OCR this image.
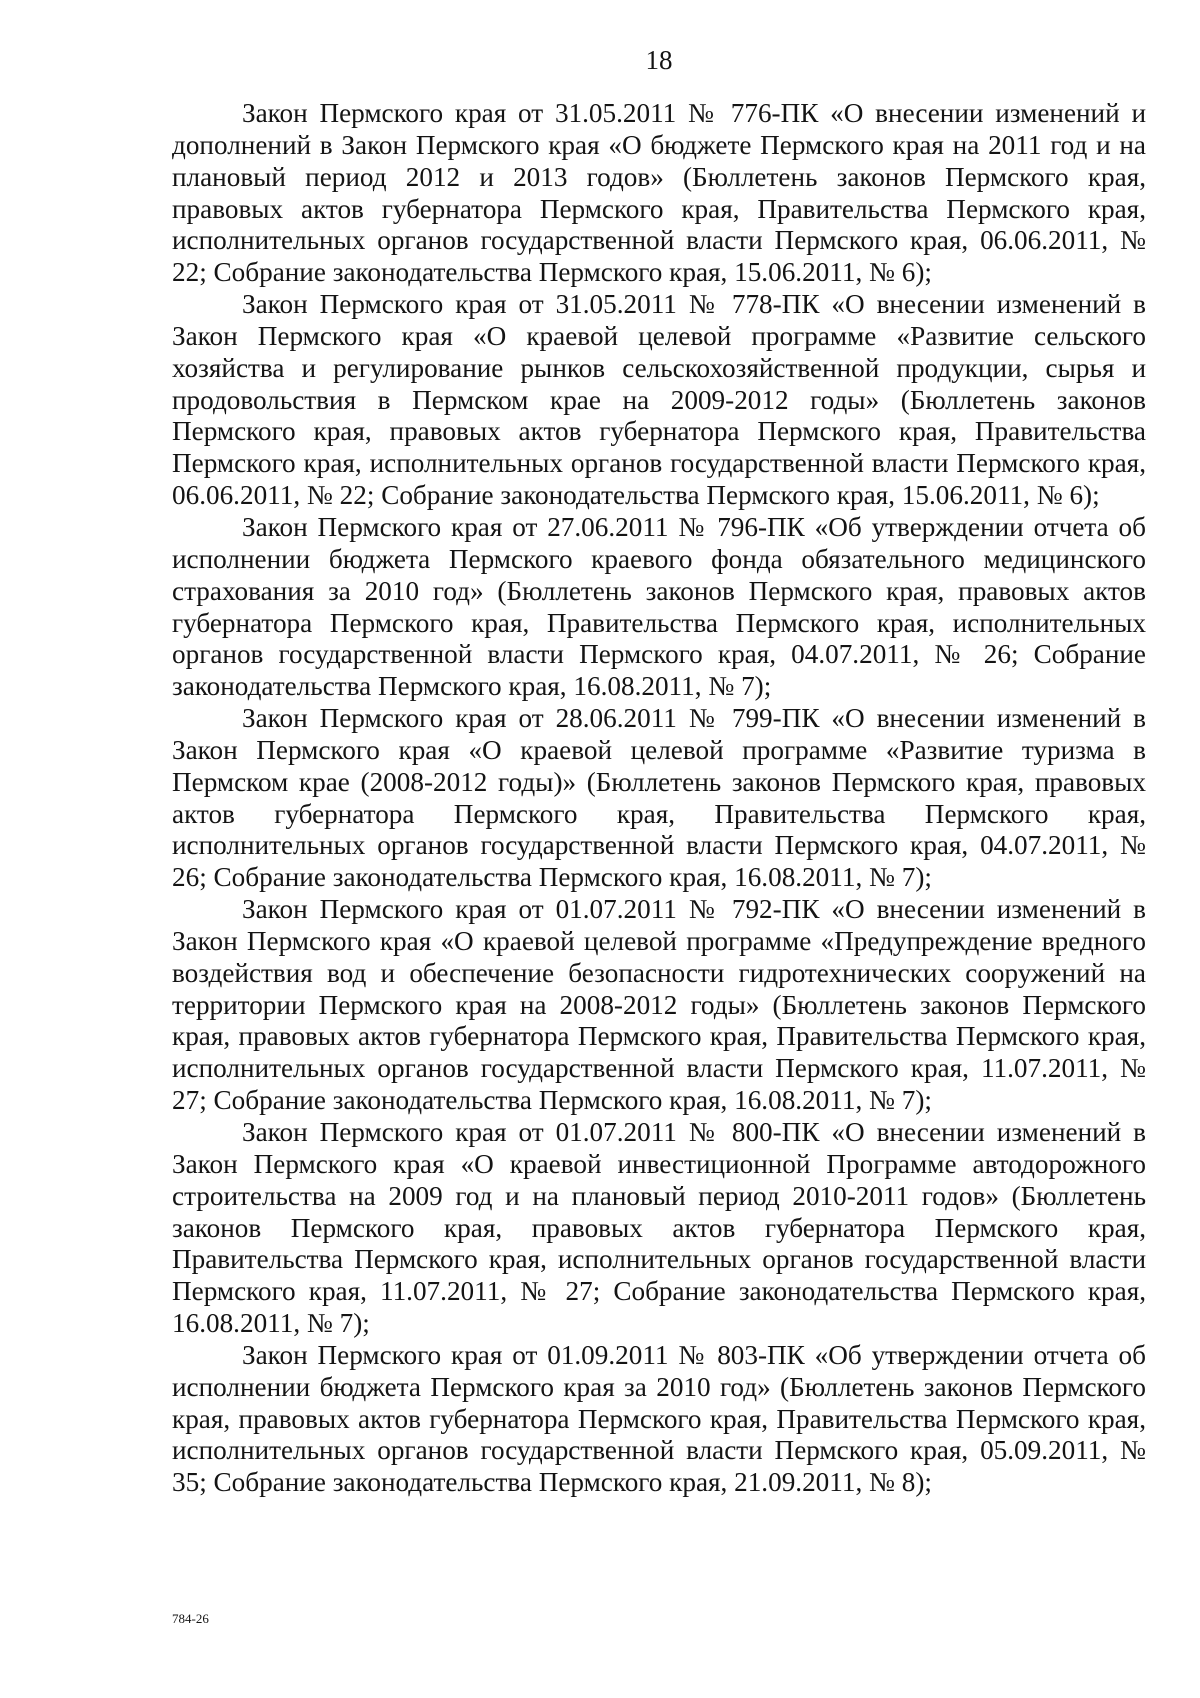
18

Закон Пермского края от 31.05.2011 № 776-ПК «О внесении изменений и дополнений в Закон Пермского края «О бюджете Пермского края на 2011 год и на плановый период 2012 и 2013 годов» (Бюллетень законов Пермского края, правовых актов губернатора Пермского края, Правительства Пермского края, исполнительных органов государственной власти Пермского края, 06.06.2011, № 22; Собрание законодательства Пермского края, 15.06.2011, № 6);

Закон Пермского края от 31.05.2011 № 778-ПК «О внесении изменений в Закон Пермского края «О краевой целевой программе «Развитие сельского хозяйства и регулирование рынков сельскохозяйственной продукции, сырья и продовольствия в Пермском крае на 2009-2012 годы» (Бюллетень законов Пермского края, правовых актов губернатора Пермского края, Правительства Пермского края, исполнительных органов государственной власти Пермского края, 06.06.2011, № 22; Собрание законодательства Пермского края, 15.06.2011, № 6);

Закон Пермского края от 27.06.2011 № 796-ПК «Об утверждении отчета об исполнении бюджета Пермского краевого фонда обязательного медицинского страхования за 2010 год» (Бюллетень законов Пермского края, правовых актов губернатора Пермского края, Правительства Пермского края, исполнительных органов государственной власти Пермского края, 04.07.2011, № 26; Собрание законодательства Пермского края, 16.08.2011, № 7);

Закон Пермского края от 28.06.2011 № 799-ПК «О внесении изменений в Закон Пермского края «О краевой целевой программе «Развитие туризма в Пермском крае (2008-2012 годы)» (Бюллетень законов Пермского края, правовых актов губернатора Пермского края, Правительства Пермского края, исполнительных органов государственной власти Пермского края, 04.07.2011, № 26; Собрание законодательства Пермского края, 16.08.2011, № 7);

Закон Пермского края от 01.07.2011 № 792-ПК «О внесении изменений в Закон Пермского края «О краевой целевой программе «Предупреждение вредного воздействия вод и обеспечение безопасности гидротехнических сооружений на территории Пермского края на 2008-2012 годы» (Бюллетень законов Пермского края, правовых актов губернатора Пермского края, Правительства Пермского края, исполнительных органов государственной власти Пермского края, 11.07.2011, № 27; Собрание законодательства Пермского края, 16.08.2011, № 7);

Закон Пермского края от 01.07.2011 № 800-ПК «О внесении изменений в Закон Пермского края «О краевой инвестиционной Программе автодорожного строительства на 2009 год и на плановый период 2010-2011 годов» (Бюллетень законов Пермского края, правовых актов губернатора Пермского края, Правительства Пермского края, исполнительных органов государственной власти Пермского края, 11.07.2011, № 27; Собрание законодательства Пермского края, 16.08.2011, № 7);

Закон Пермского края от 01.09.2011 № 803-ПК «Об утверждении отчета об исполнении бюджета Пермского края за 2010 год» (Бюллетень законов Пермского края, правовых актов губернатора Пермского края, Правительства Пермского края, исполнительных органов государственной власти Пермского края, 05.09.2011, № 35; Собрание законодательства Пермского края, 21.09.2011, № 8);

784-26
